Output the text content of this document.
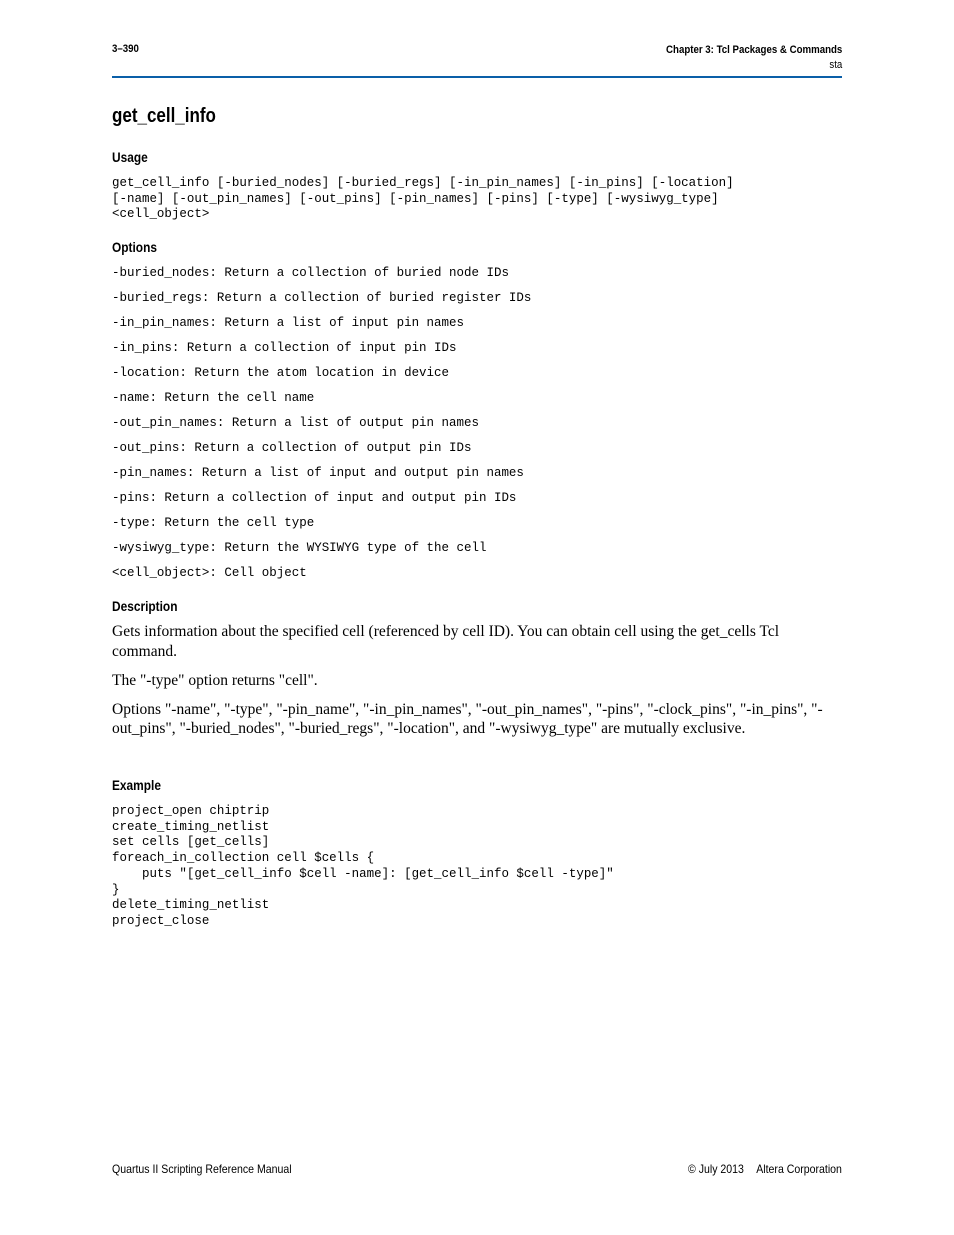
3–390	Chapter 3: Tcl Packages & Commands
sta
get_cell_info
Usage
get_cell_info [-buried_nodes] [-buried_regs] [-in_pin_names] [-in_pins] [-location]
[-name] [-out_pin_names] [-out_pins] [-pin_names] [-pins] [-type] [-wysiwyg_type]
<cell_object>
Options
-buried_nodes: Return a collection of buried node IDs
-buried_regs: Return a collection of buried register IDs
-in_pin_names: Return a list of input pin names
-in_pins: Return a collection of input pin IDs
-location: Return the atom location in device
-name: Return the cell name
-out_pin_names: Return a list of output pin names
-out_pins: Return a collection of output pin IDs
-pin_names: Return a list of input and output pin names
-pins: Return a collection of input and output pin IDs
-type: Return the cell type
-wysiwyg_type: Return the WYSIWYG type of the cell
<cell_object>: Cell object
Description

Gets information about the specified cell (referenced by cell ID). You can obtain cell using the get_cells Tcl command.

The "-type" option returns "cell".

Options "-name", "-type", "-pin_name", "-in_pin_names", "-out_pin_names", "-pins", "-clock_pins", "-in_pins", "-out_pins", "-buried_nodes", "-buried_regs", "-location", and "-wysiwyg_type" are mutually exclusive.

Example
project_open chiptrip
create_timing_netlist
set cells [get_cells]
foreach_in_collection cell $cells {
puts "[get_cell_info $cell -name]: [get_cell_info $cell -type]"
}
delete_timing_netlist
project_close
Quartus II Scripting Reference Manual	© July 2013 Altera Corporation
